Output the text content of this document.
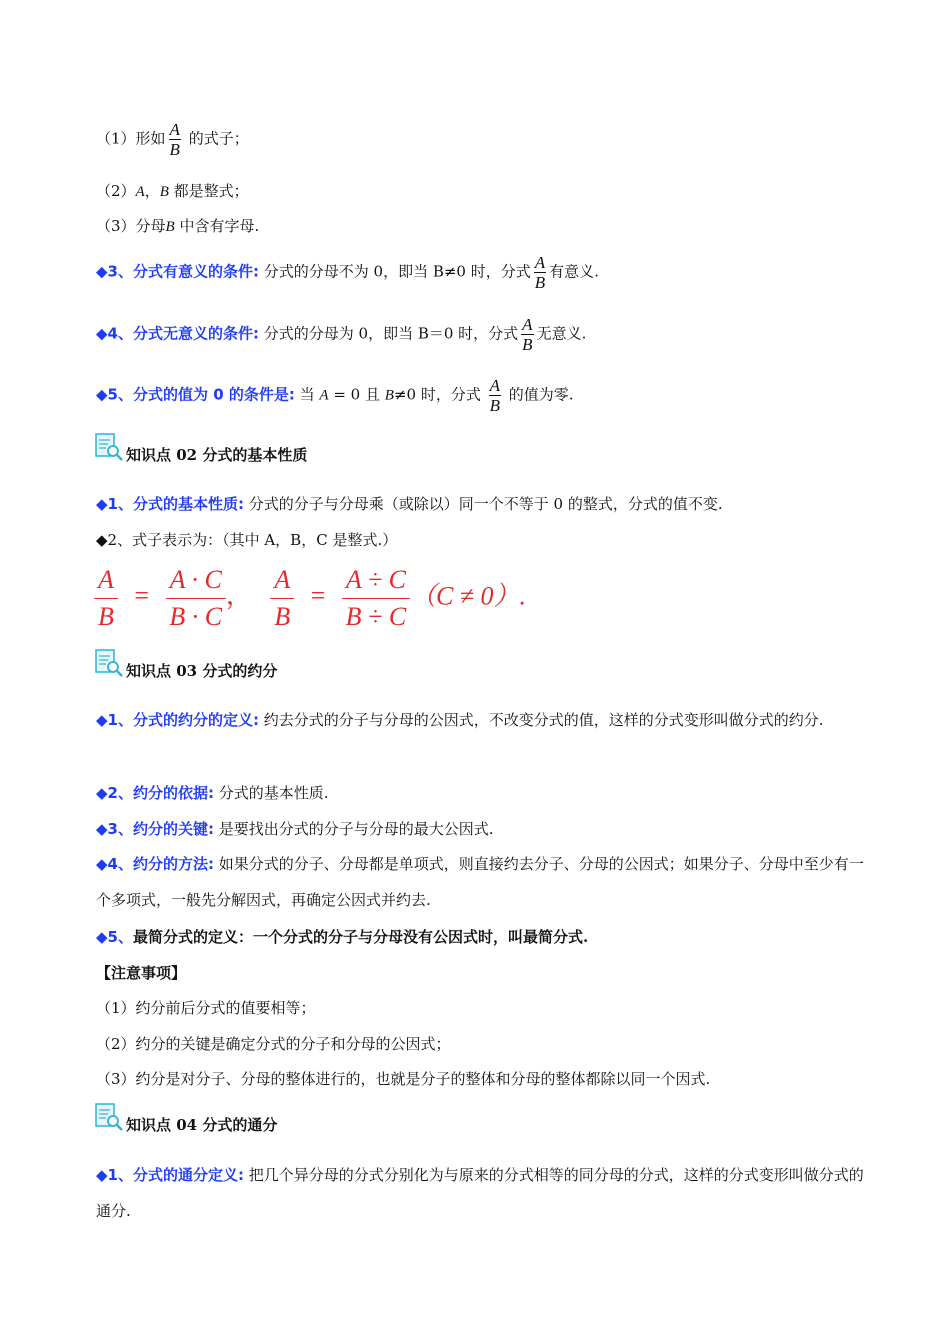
（1）形如 $\frac{A}{B}$ 的式子；
（2）A，B 都是整式；
（3）分母B 中含有字母.
◆3、分式有意义的条件: 分式的分母不为 0，即当 B≠0 时，分式 $\frac{A}{B}$ 有意义.
◆4、分式无意义的条件: 分式的分母为 0，即当 B＝0 时，分式 $\frac{A}{B}$ 无意义.
◆5、分式的值为 0 的条件是: 当 A = 0 且 B≠0 时，分式 $\frac{A}{B}$ 的值为零.
知识点 02 分式的基本性质
◆1、分式的基本性质: 分式的分子与分母乘（或除以）同一个不等于 0 的整式，分式的值不变.
◆2、式子表示为：（其中 A，B，C 是整式.）
$\frac{A}{B} = \frac{A \cdot C}{B \cdot C}$ ， $\frac{A}{B} = \frac{A \div C}{B \div C} (C \ne 0)$.
知识点 03 分式的约分
◆1、分式的约分的定义: 约去分式的分子与分母的公因式，不改变分式的值，这样的分式变形叫做分式的约分.
◆2、约分的依据: 分式的基本性质.
◆3、约分的关键: 是要找出分式的分子与分母的最大公因式.
◆4、约分的方法: 如果分式的分子、分母都是单项式，则直接约去分子、分母的公因式；如果分子、分母中至少有一个多项式，一般先分解因式，再确定公因式并约去.
◆5、最简分式的定义：一个分式的分子与分母没有公因式时，叫最简分式.
【注意事项】
（1）约分前后分式的值要相等；
（2）约分的关键是确定分式的分子和分母的公因式；
（3）约分是对分子、分母的整体进行的，也就是分子的整体和分母的整体都除以同一个因式.
知识点 04 分式的通分
◆1、分式的通分定义: 把几个异分母的分式分别化为与原来的分式相等的同分母的分式，这样的分式变形叫做分式的通分.
